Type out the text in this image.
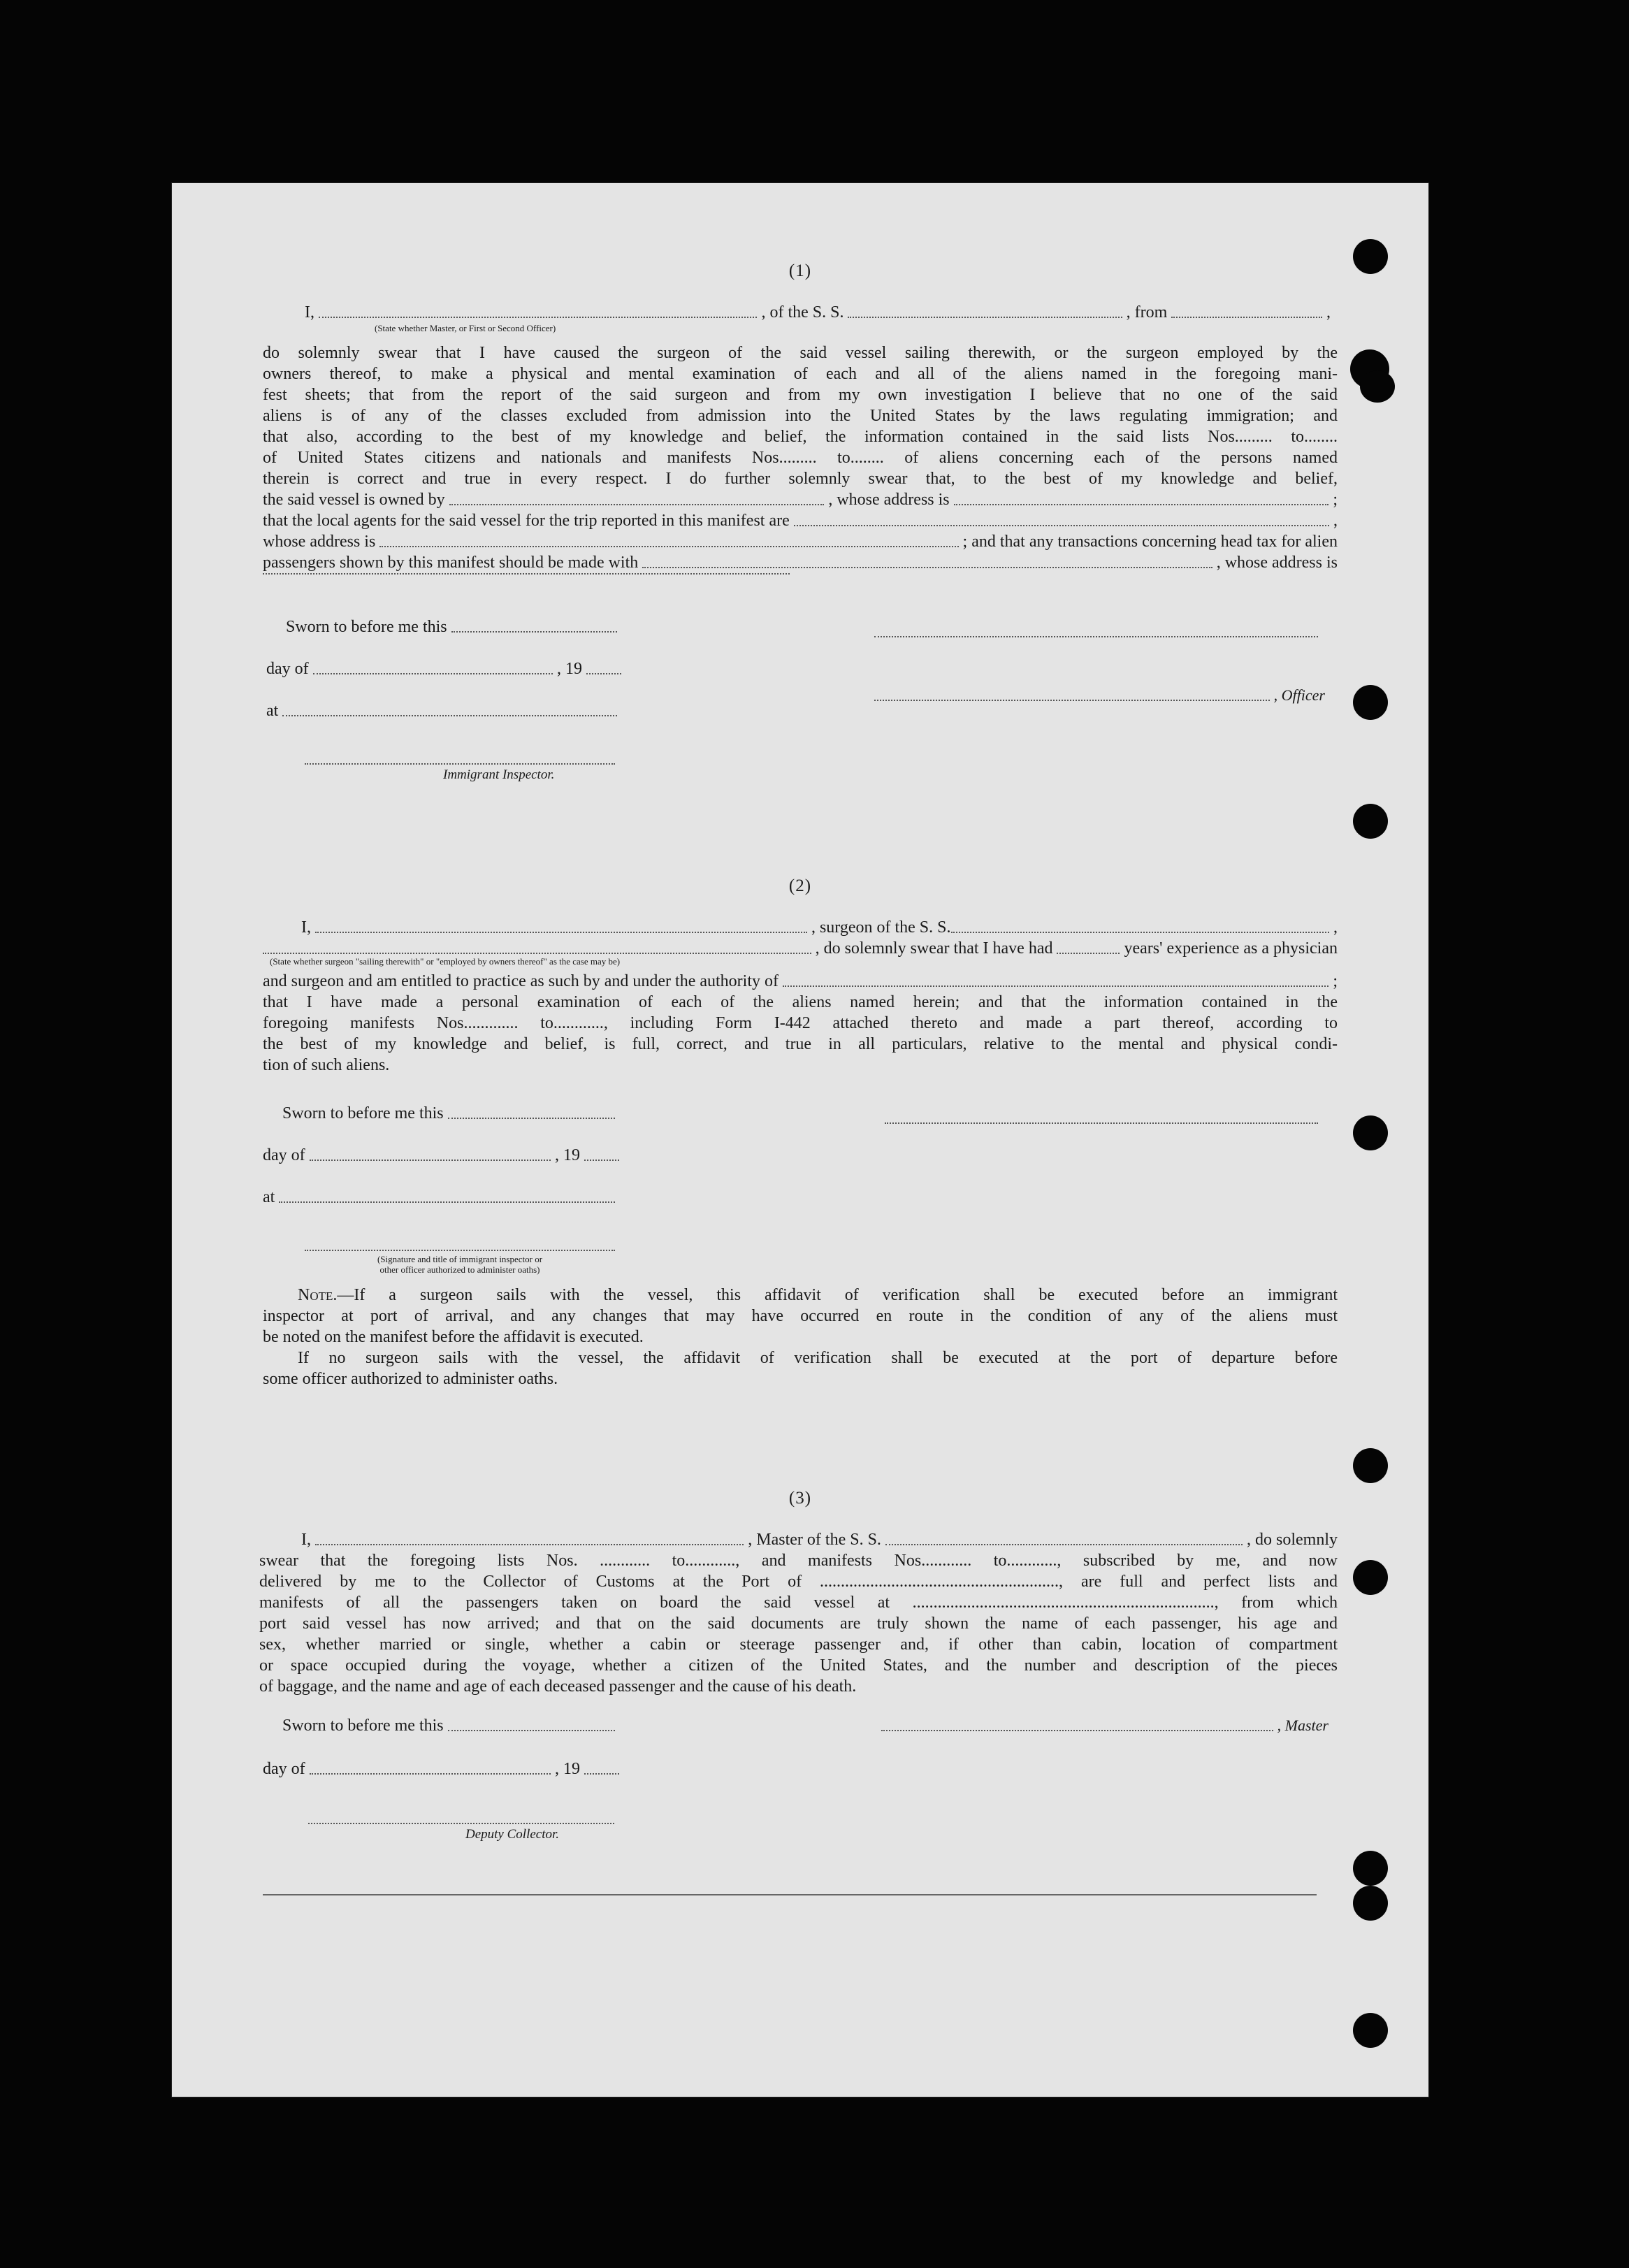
(1)
I,	, of the S. S.	, from	,

(State whether Master, or First or Second Officer)

do solemnly swear that I have caused the surgeon of the said vessel sailing therewith, or the surgeon employed by the

owners thereof, to make a physical and mental examination of each and all of the aliens named in the foregoing mani-

fest sheets; that from the report of the said surgeon and from my own investigation I believe that no one of the said

aliens is of any of the classes excluded from admission into the United States by the laws regulating immigration; and

that also, according to the best of my knowledge and belief, the information contained in the said lists Nos......... to........

of United States citizens and nationals and manifests Nos......... to........ of aliens concerning each of the persons named

therein is correct and true in every respect. I do further solemnly swear that, to the best of my knowledge and belief,

the said vessel is owned by	, whose address is	;
that the local agents for the said vessel for the trip reported in this manifest are	,
whose address is	; and that any transactions concerning head tax for alien
passengers shown by this manifest should be made with	, whose address is
Sworn to before me this
day of	, 19
, Officer
at
Immigrant Inspector.
(2)
I,	, surgeon of the S. S.	,
, do solemnly swear that I have had	years' experience as a physician

(State whether surgeon "sailing therewith" or "employed by owners thereof" as the case may be)

and surgeon and am entitled to practice as such by and under the authority of	;

that I have made a personal examination of each of the aliens named herein; and that the information contained in the

foregoing manifests Nos............. to............, including Form I-442 attached thereto and made a part thereof, according to

the best of my knowledge and belief, is full, correct, and true in all particulars, relative to the mental and physical condi-

tion of such aliens.

Sworn to before me this
day of	, 19
at

(Signature and title of immigrant inspector or

other officer authorized to administer oaths)

Note.—If a surgeon sails with the vessel, this affidavit of verification shall be executed before an immigrant

inspector at port of arrival, and any changes that may have occurred en route in the condition of any of the aliens must

be noted on the manifest before the affidavit is executed.

If no surgeon sails with the vessel, the affidavit of verification shall be executed at the port of departure before

some officer authorized to administer oaths.

(3)
I,	, Master of the S. S.	, do solemnly

swear that the foregoing lists Nos. ............ to............, and manifests Nos............ to............, subscribed by me, and now

delivered by me to the Collector of Customs at the Port of ........................................................., are full and perfect lists and

manifests of all the passengers taken on board the said vessel at ........................................................................, from which

port said vessel has now arrived; and that on the said documents are truly shown the name of each passenger, his age and

sex, whether married or single, whether a cabin or steerage passenger and, if other than cabin, location of compartment

or space occupied during the voyage, whether a citizen of the United States, and the number and description of the pieces

of baggage, and the name and age of each deceased passenger and the cause of his death.

Sworn to before me this	, Master
day of	, 19
Deputy Collector.
